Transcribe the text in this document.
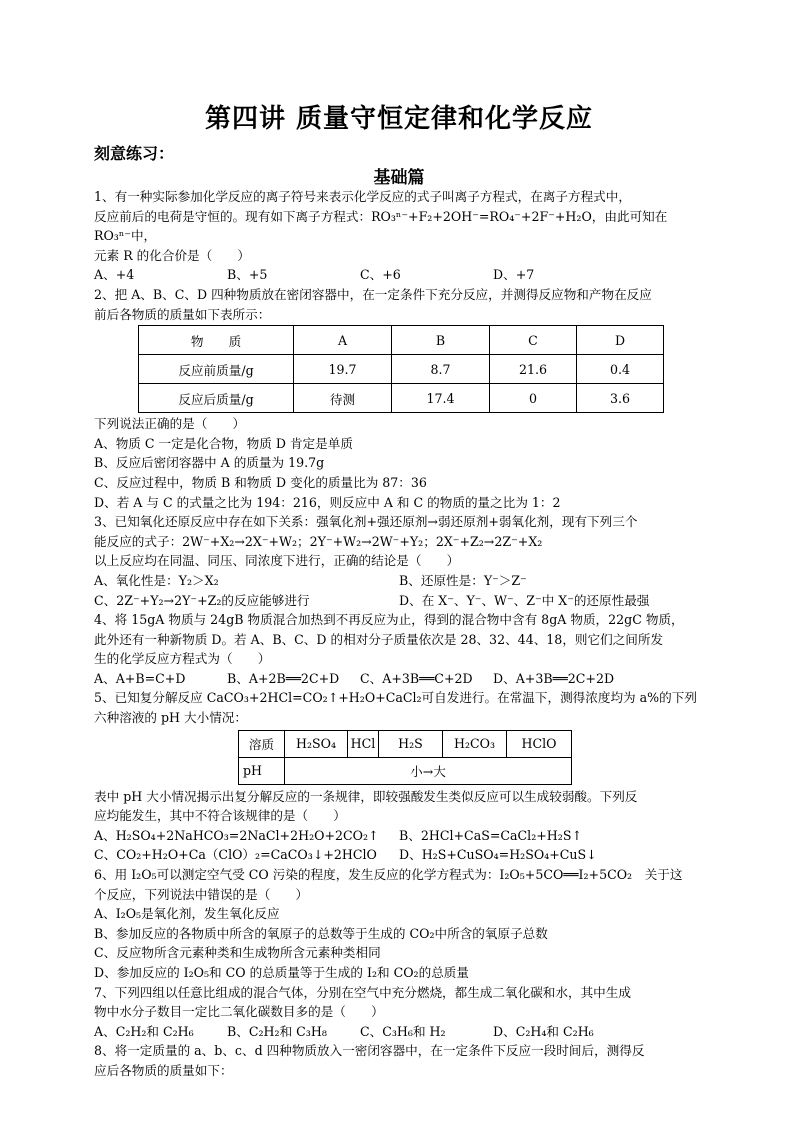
第四讲 质量守恒定律和化学反应
刻意练习：
基础篇

1、有一种实际参加化学反应的离子符号来表示化学反应的式子叫离子方程式，在离子方程式中，

反应前后的电荷是守恒的。现有如下离子方程式：RO₃ⁿ⁻+F₂+2OH⁻=RO₄⁻+2F⁻+H₂O，由此可知在 RO₃ⁿ⁻中，

元素 R 的化合价是（　　）

A、+4	B、+5	C、+6	D、+7

2、把 A、B、C、D 四种物质放在密闭容器中，在一定条件下充分反应，并测得反应物和产物在反应

前后各物质的质量如下表所示：

物　　质	A	B	C	D
反应前质量/g	19.7	8.7	21.6	0.4
反应后质量/g	待测	17.4	0	3.6

下列说法正确的是（　　）

A、物质 C 一定是化合物，物质 D 肯定是单质

B、反应后密闭容器中 A 的质量为 19.7g

C、反应过程中，物质 B 和物质 D 变化的质量比为 87：36

D、若 A 与 C 的式量之比为 194：216，则反应中 A 和 C 的物质的量之比为 1：2

3、已知氧化还原反应中存在如下关系：强氧化剂+强还原剂→弱还原剂+弱氧化剂，现有下列三个

能反应的式子：2W⁻+X₂→2X⁻+W₂；2Y⁻+W₂→2W⁻+Y₂；2X⁻+Z₂→2Z⁻+X₂

以上反应均在同温、同压、同浓度下进行，正确的结论是（　　）

A、氧化性是：Y₂＞X₂	B、还原性是：Y⁻＞Z⁻
C、2Z⁻+Y₂→2Y⁻+Z₂的反应能够进行	D、在 X⁻、Y⁻、W⁻、Z⁻中 X⁻的还原性最强

4、将 15gA 物质与 24gB 物质混合加热到不再反应为止，得到的混合物中含有 8gA 物质，22gC 物质，

此外还有一种新物质 D。若 A、B、C、D 的相对分子质量依次是 28、32、44、18，则它们之间所发

生的化学反应方程式为（　　）

A、A+B=C+D	B、A+2B══2C+D	C、A+3B══C+2D	D、A+3B══2C+2D

5、已知复分解反应 CaCO₃+2HCl=CO₂↑+H₂O+CaCl₂可自发进行。在常温下，测得浓度均为 a%的下列

六种溶液的 pH 大小情况：

溶质	H₂SO₄	HCl	H₂S	H₂CO₃	HClO
pH	小→大				

表中 pH 大小情况揭示出复分解反应的一条规律，即较强酸发生类似反应可以生成较弱酸。下列反

应均能发生，其中不符合该规律的是（　　）

A、H₂SO₄+2NaHCO₃=2NaCl+2H₂O+2CO₂↑	B、2HCl+CaS=CaCl₂+H₂S↑
C、CO₂+H₂O+Ca（ClO）₂=CaCO₃↓+2HClO	D、H₂S+CuSO₄=H₂SO₄+CuS↓

6、用 I₂O₅可以测定空气受 CO 污染的程度，发生反应的化学方程式为：I₂O₅+5CO══I₂+5CO₂　关于这

个反应，下列说法中错误的是（　　）

A、I₂O₅是氧化剂，发生氧化反应

B、参加反应的各物质中所含的氧原子的总数等于生成的 CO₂中所含的氧原子总数

C、反应物所含元素种类和生成物所含元素种类相同

D、参加反应的 I₂O₅和 CO 的总质量等于生成的 I₂和 CO₂的总质量

7、下列四组以任意比组成的混合气体，分别在空气中充分燃烧，都生成二氧化碳和水，其中生成

物中水分子数目一定比二氧化碳数目多的是（　　）

A、C₂H₂和 C₂H₆	B、C₂H₂和 C₃H₈	C、C₃H₆和 H₂	D、C₂H₄和 C₂H₆

8、将一定质量的 a、b、c、d 四种物质放入一密闭容器中，在一定条件下反应一段时间后，测得反

应后各物质的质量如下：
